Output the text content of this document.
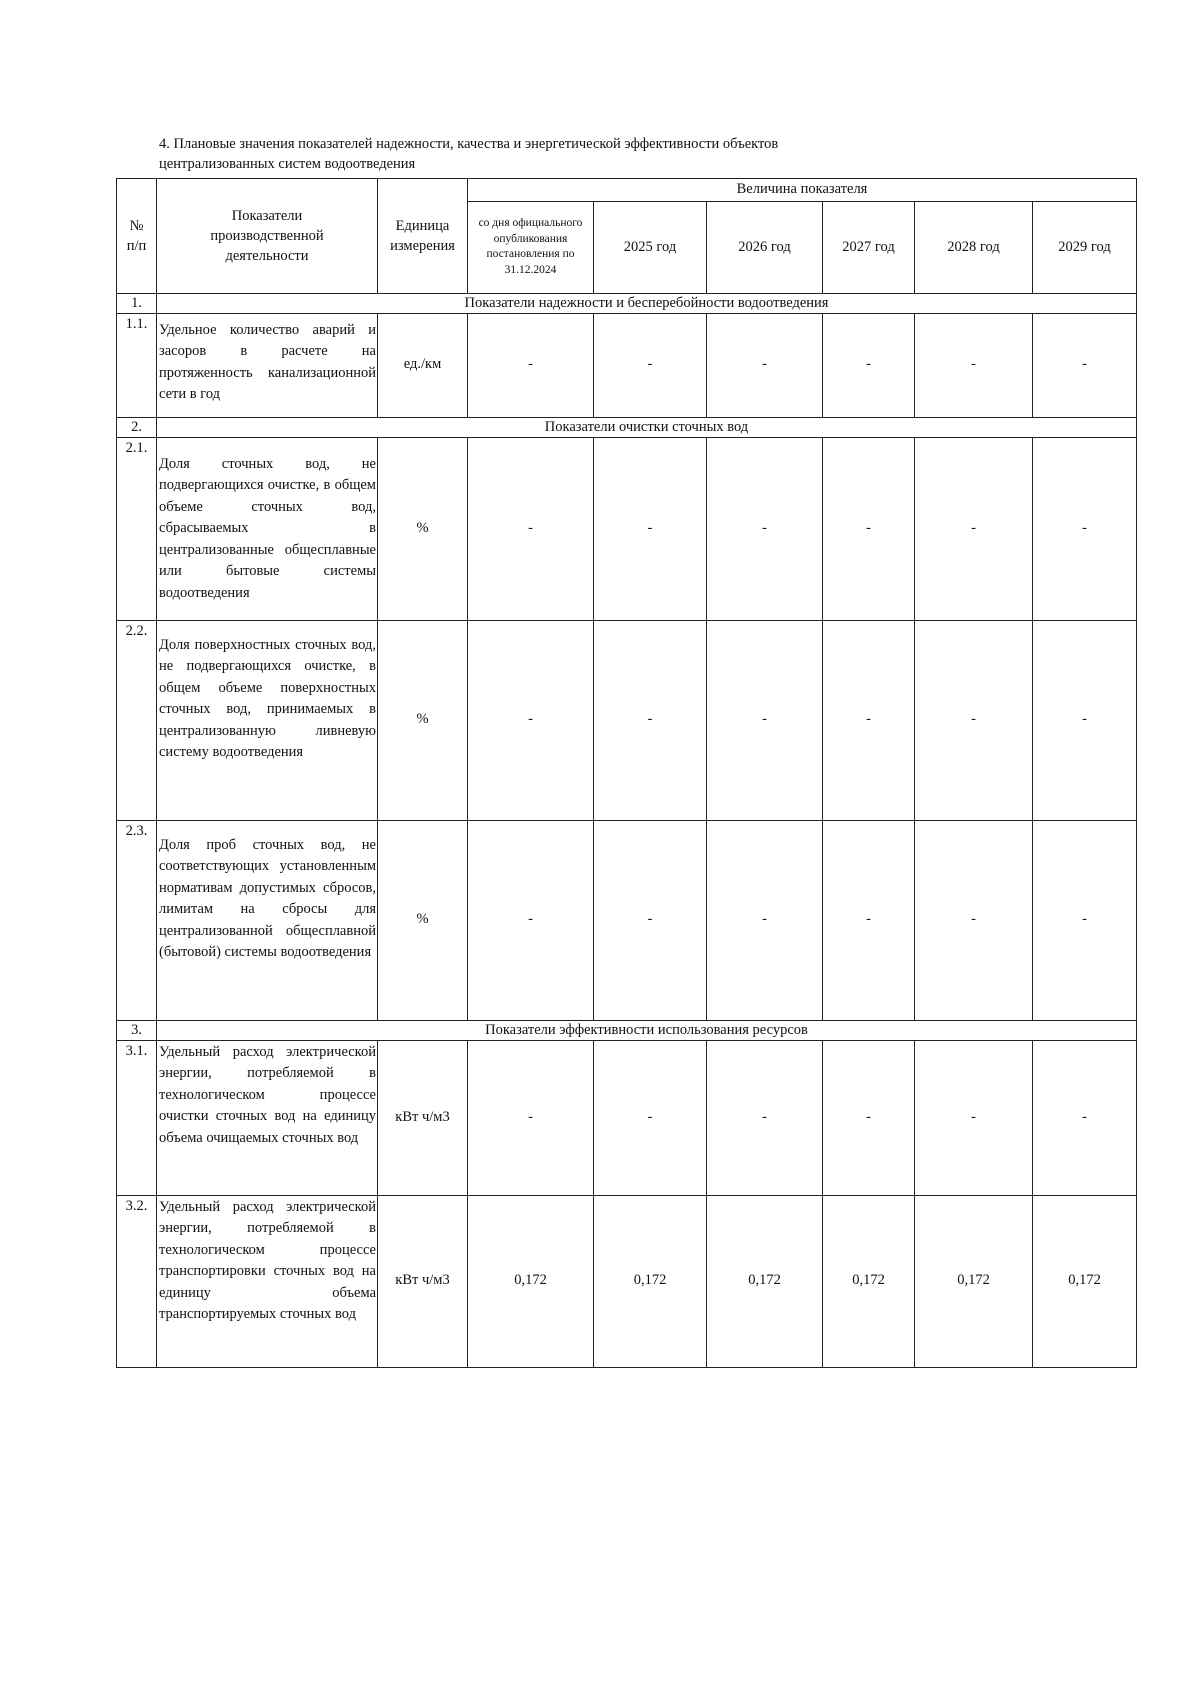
4. Плановые значения показателей надежности, качества и энергетической эффективности объектов
централизованных систем водоотведения
№ п/п	Показатели производственной деятельности	Единица измерения	Величина показателя					
			со дня официального опубликования постановления по 31.12.2024	2025 год	2026 год	2027 год	2028 год	2029 год
1.	Показатели надежности и бесперебойности водоотведения							
1.1.	Удельное количество аварий и засоров в расчете на протяженность канализационной сети в год	ед./км	-	-	-	-	-	-
2.	Показатели очистки сточных вод							
2.1.	Доля сточных вод, не подвергающихся очистке, в общем объеме сточных вод, сбрасываемых в централизованные общесплавные или бытовые системы водоотведения	%	-	-	-	-	-	-
2.2.	Доля поверхностных сточных вод, не подвергающихся очистке, в общем объеме поверхностных сточных вод, принимаемых в централизованную ливневую систему водоотведения	%	-	-	-	-	-	-
2.3.	Доля проб сточных вод, не соответствующих установленным нормативам допустимых сбросов, лимитам на сбросы для централизованной общесплавной (бытовой) системы водоотведения	%	-	-	-	-	-	-
3.	Показатели эффективности использования ресурсов							
3.1.	Удельный расход электрической энергии, потребляемой в технологическом процессе очистки сточных вод на единицу объема очищаемых сточных вод	кВт ч/м3	-	-	-	-	-	-
3.2.	Удельный расход электрической энергии, потребляемой в технологическом процессе транспортировки сточных вод на единицу объема транспортируемых сточных вод	кВт ч/м3	0,172	0,172	0,172	0,172	0,172	0,172
